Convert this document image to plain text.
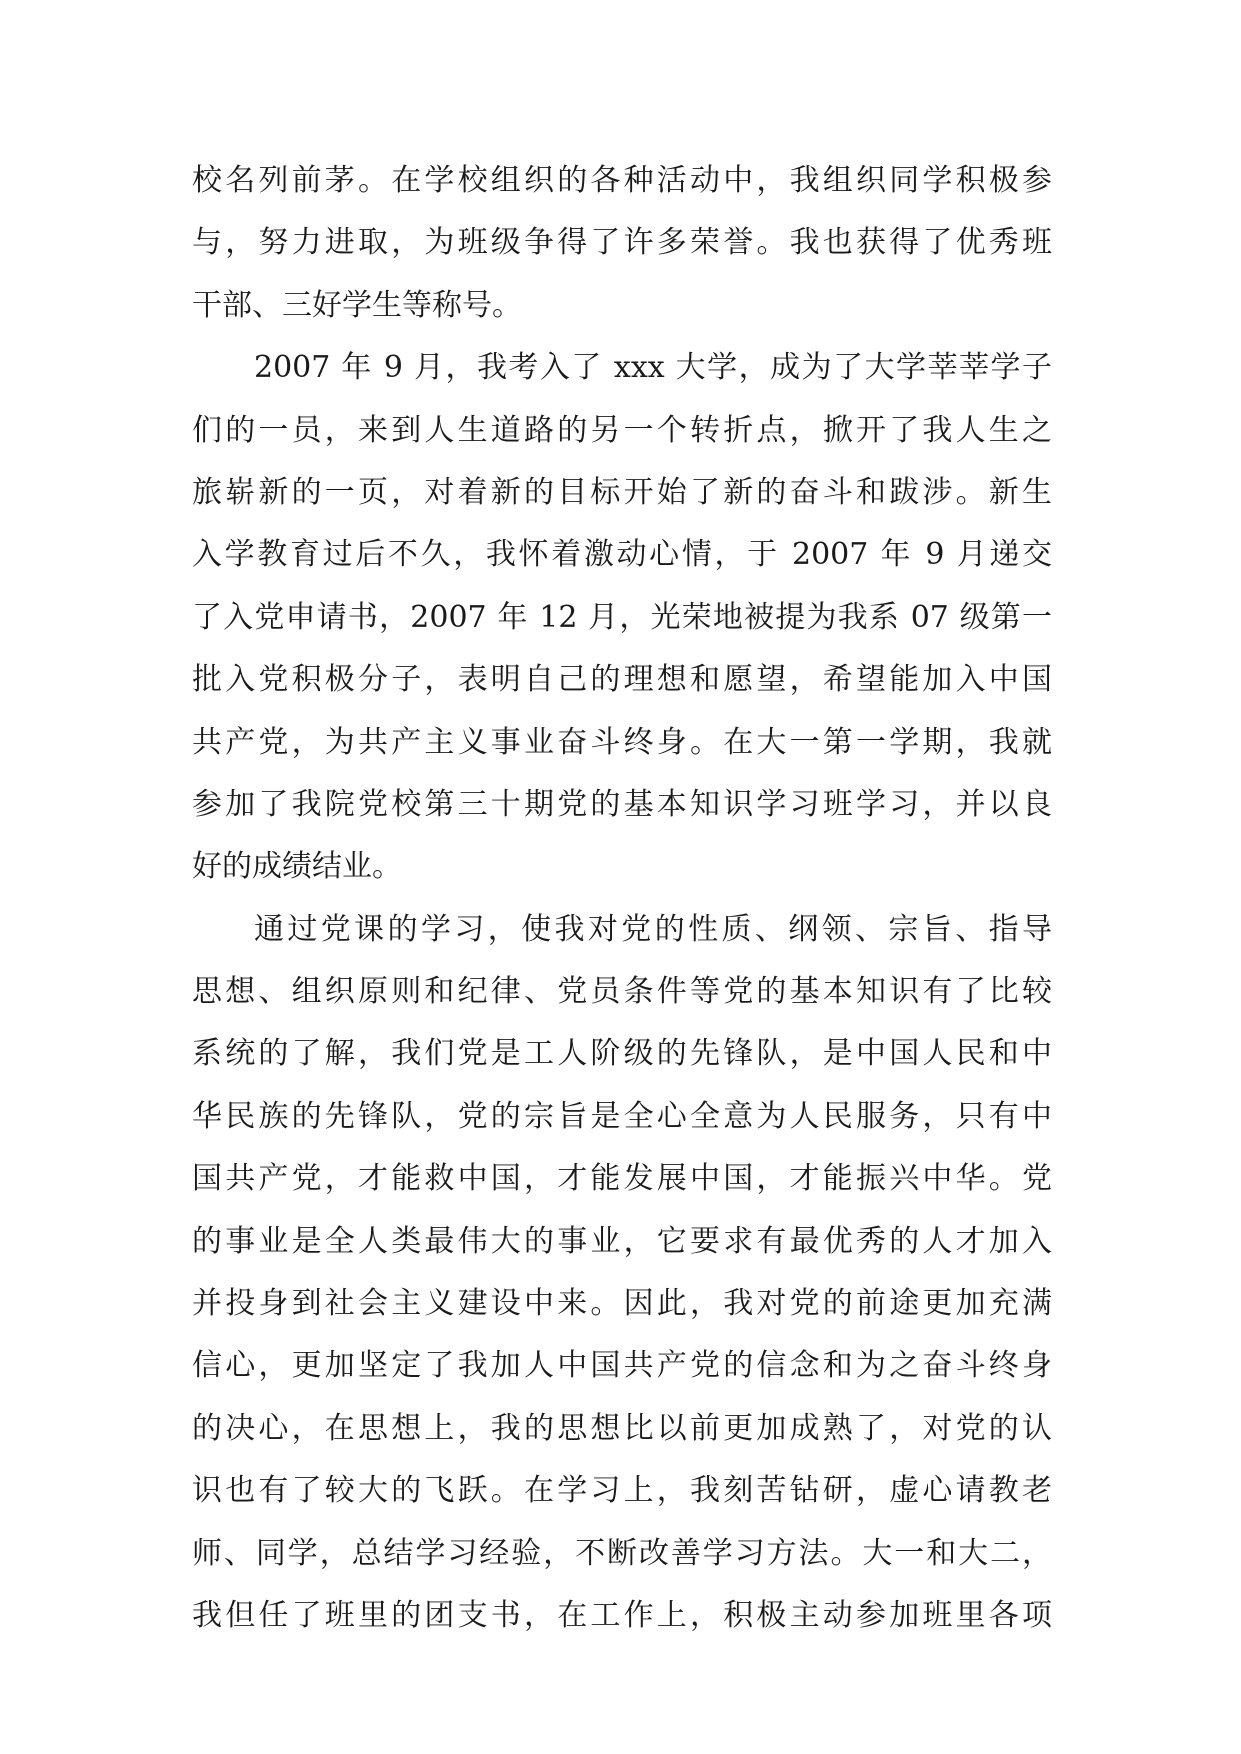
校名列前茅。在学校组织的各种活动中，我组织同学积极参
与，努力进取，为班级争得了许多荣誉。我也获得了优秀班
干部、三好学生等称号。
2007 年 9 月，我考入了 xxx 大学，成为了大学莘莘学子
们的一员，来到人生道路的另一个转折点，掀开了我人生之
旅崭新的一页，对着新的目标开始了新的奋斗和跋涉。新生
入学教育过后不久，我怀着激动心情，于 2007 年 9 月递交
了入党申请书，2007 年 12 月，光荣地被提为我系 07 级第一
批入党积极分子，表明自己的理想和愿望，希望能加入中国
共产党，为共产主义事业奋斗终身。在大一第一学期，我就
参加了我院党校第三十期党的基本知识学习班学习，并以良
好的成绩结业。
通过党课的学习，使我对党的性质、纲领、宗旨、指导
思想、组织原则和纪律、党员条件等党的基本知识有了比较
系统的了解，我们党是工人阶级的先锋队，是中国人民和中
华民族的先锋队，党的宗旨是全心全意为人民服务，只有中
国共产党，才能救中国，才能发展中国，才能振兴中华。党
的事业是全人类最伟大的事业，它要求有最优秀的人才加入
并投身到社会主义建设中来。因此，我对党的前途更加充满
信心，更加坚定了我加人中国共产党的信念和为之奋斗终身
的决心，在思想上，我的思想比以前更加成熟了，对党的认
识也有了较大的飞跃。在学习上，我刻苦钻研，虚心请教老
师、同学，总结学习经验，不断改善学习方法。大一和大二，
我但任了班里的团支书，在工作上，积极主动参加班里各项
